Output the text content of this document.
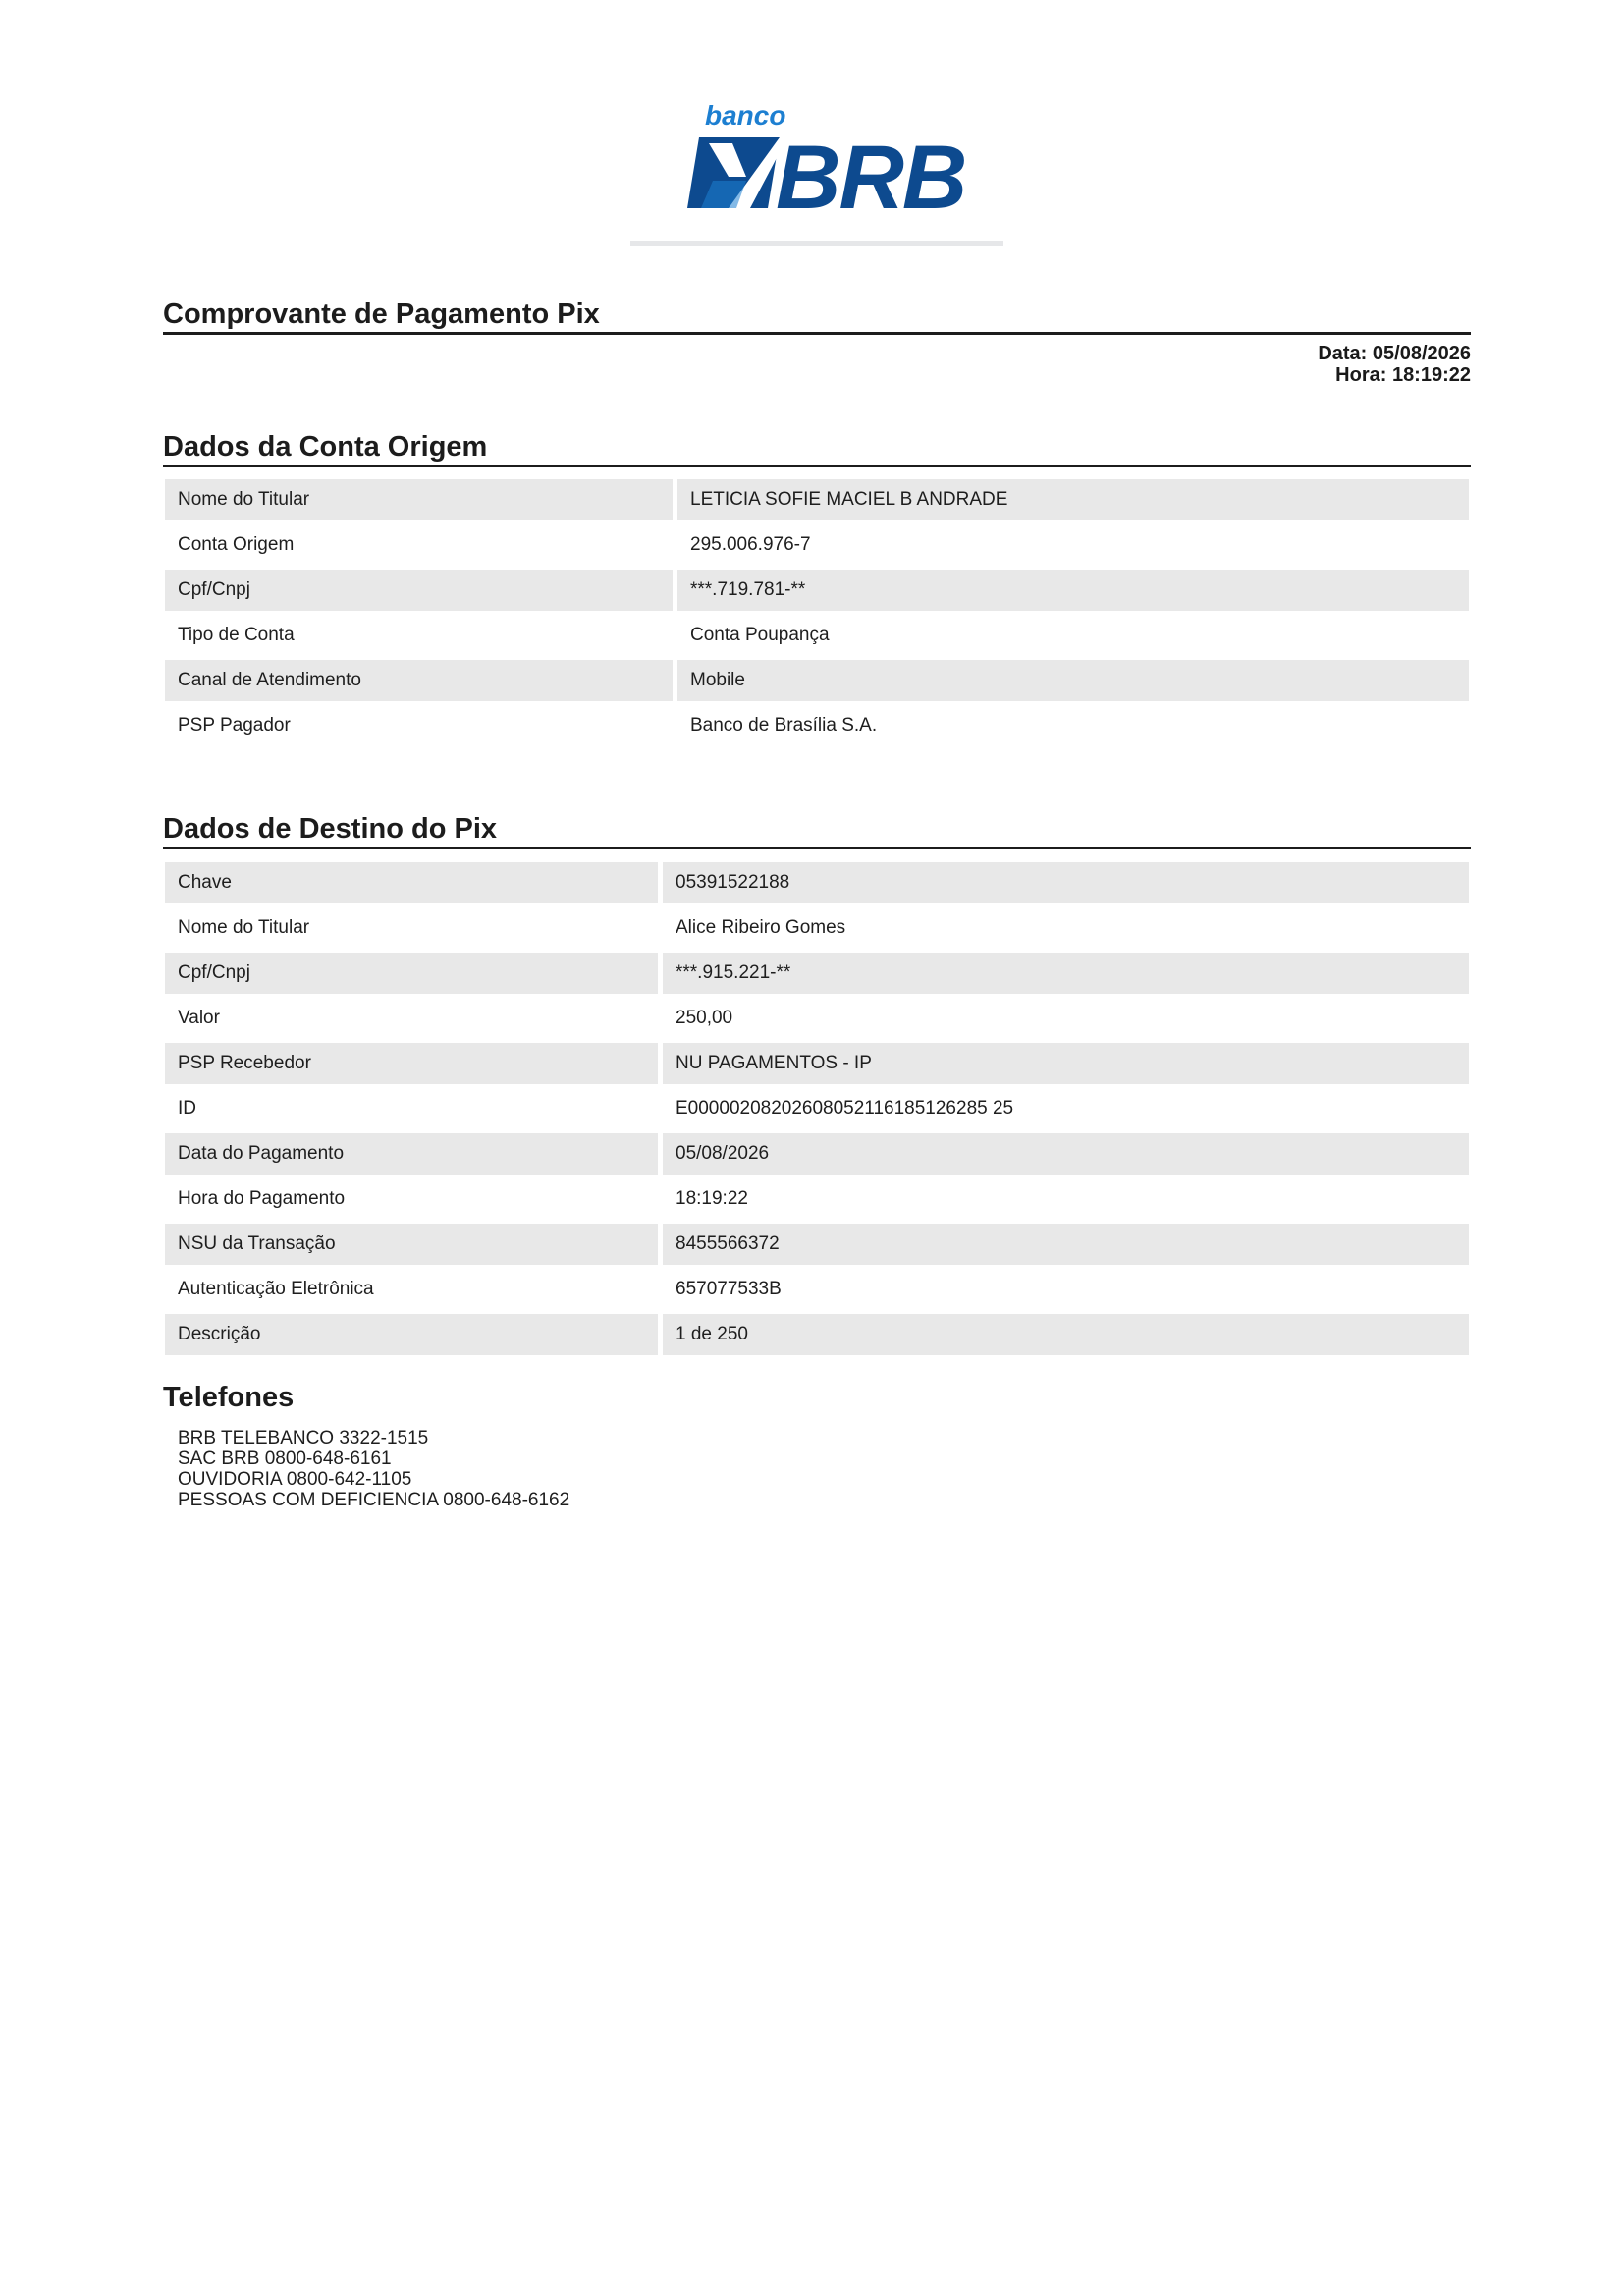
banco
BRB
Comprovante de Pagamento Pix
Data: 05/08/2026
Hora: 18:19:22
Dados da Conta Origem
Nome do Titular	LETICIA SOFIE MACIEL B ANDRADE
Conta Origem	295.006.976-7
Cpf/Cnpj	***.719.781-**
Tipo de Conta	Conta Poupança
Canal de Atendimento	Mobile
PSP Pagador	Banco de Brasília S.A.
Dados de Destino do Pix
Chave	05391522188
Nome do Titular	Alice Ribeiro Gomes
Cpf/Cnpj	***.915.221-**
Valor	250,00
PSP Recebedor	NU PAGAMENTOS - IP
ID	E00000208202608052116185126285 25
Data do Pagamento	05/08/2026
Hora do Pagamento	18:19:22
NSU da Transação	8455566372
Autenticação Eletrônica	657077533B
Descrição	1 de 250
Telefones
BRB TELEBANCO 3322-1515
SAC BRB 0800-648-6161
OUVIDORIA 0800-642-1105
PESSOAS COM DEFICIENCIA 0800-648-6162
